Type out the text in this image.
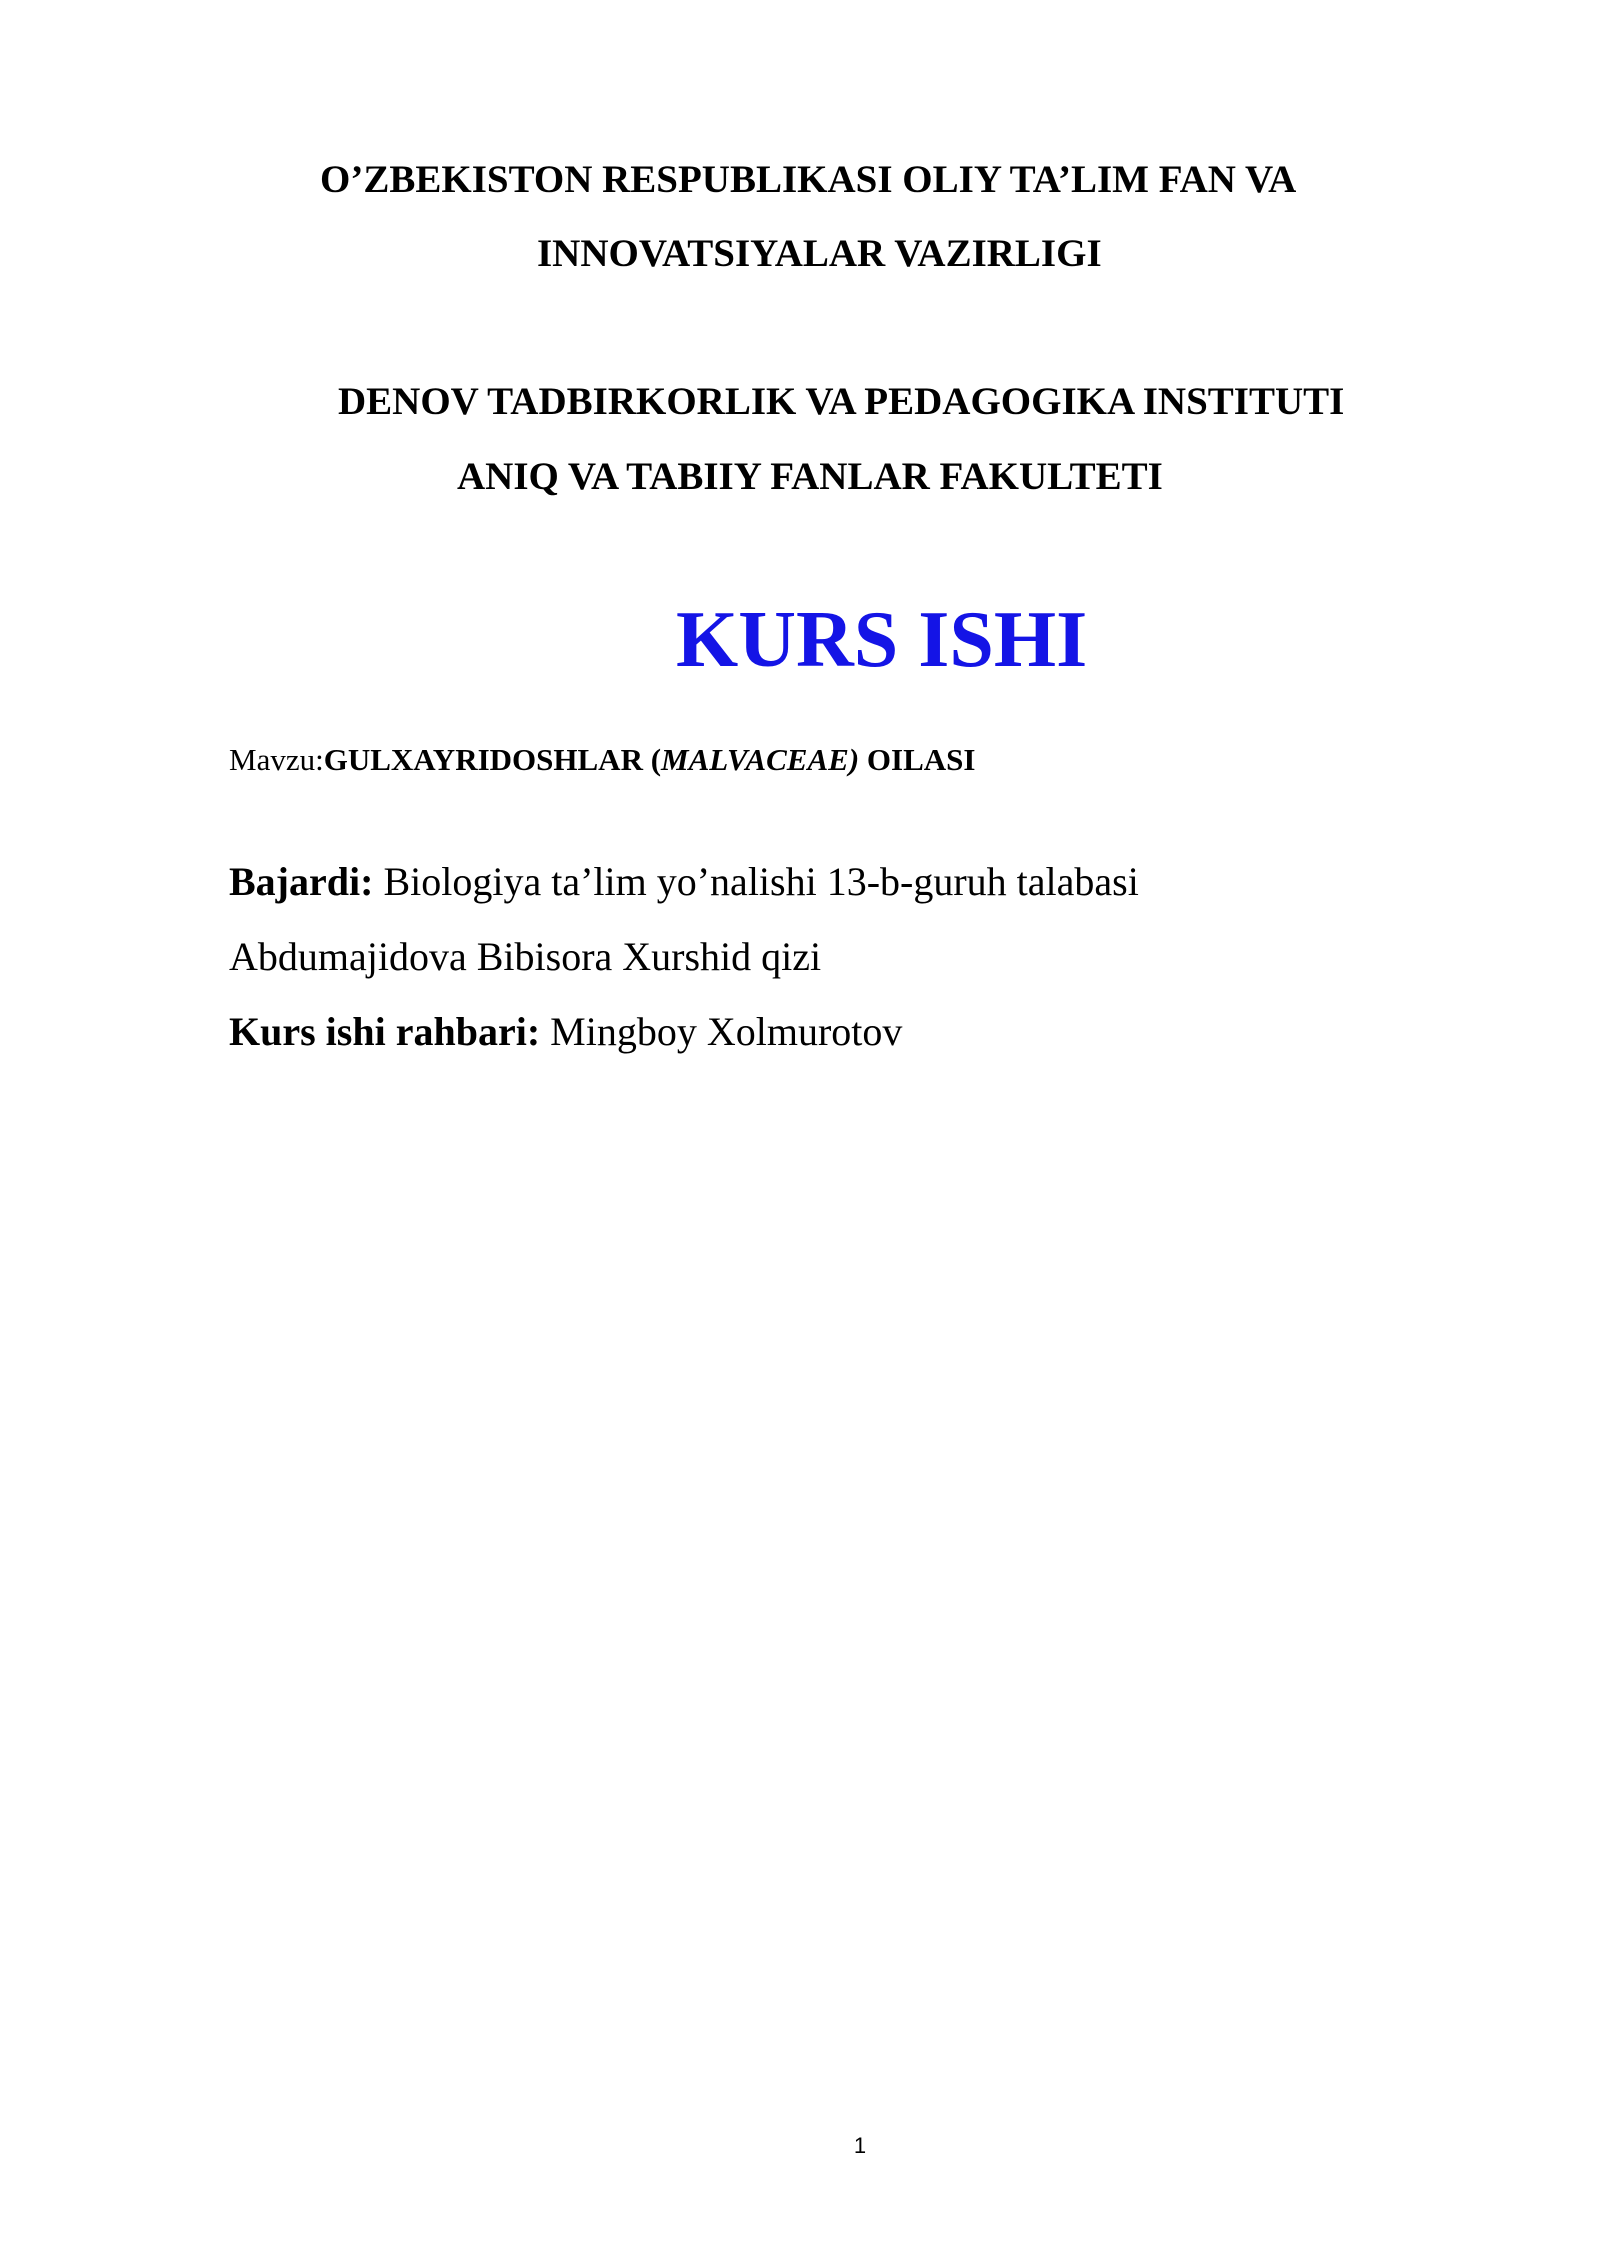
O’ZBEKISTON RESPUBLIKASI OLIY TA’LIM FAN VA
INNOVATSIYALAR VAZIRLIGI
DENOV TADBIRKORLIK VA PEDAGOGIKA INSTITUTI
ANIQ VA TABIIY FANLAR FAKULTETI
KURS ISHI
Mavzu:GULXAYRIDOSHLAR (MALVACEAE) OILASI
Bajardi: Biologiya ta’lim yo’nalishi 13-b-guruh talabasi
Abdumajidova Bibisora Xurshid qizi
Kurs ishi rahbari: Mingboy Xolmurotov
1
